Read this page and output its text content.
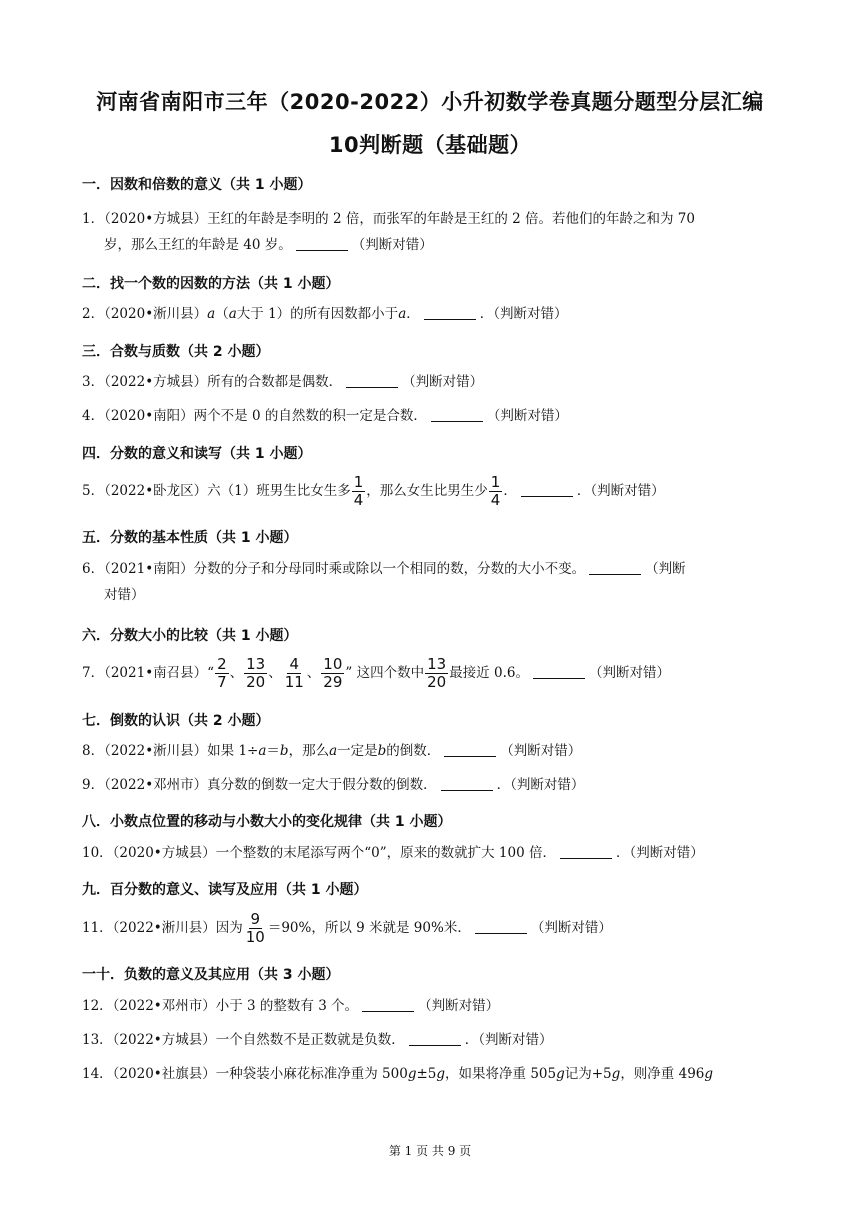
河南省南阳市三年（2020-2022）小升初数学卷真题分题型分层汇编
10判断题（基础题）
一．因数和倍数的意义（共 1 小题）
1．（2020•方城县）王红的年龄是李明的 2 倍，而张军的年龄是王红的 2 倍。若他们的年龄之和为 70
岁，那么王红的年龄是 40 岁。	（判断对错）
二．找一个数的因数的方法（共 1 小题）
2．（2020•淅川县）a（a大于 1）的所有因数都小于a．	．（判断对错）
三．合数与质数（共 2 小题）
3．（2022•方城县）所有的合数都是偶数．	（判断对错）
4．（2020•南阳）两个不是 0 的自然数的积一定是合数．	（判断对错）
四．分数的意义和读写（共 1 小题）
5．（2022•卧龙区）六（1）班男生比女生多 $\frac{1}{4}$ ，那么女生比男生少 $\frac{1}{4}$ ．	．（判断对错）
五．分数的基本性质（共 1 小题）
6．（2021•南阳）分数的分子和分母同时乘或除以一个相同的数，分数的大小不变。	（判断
对错）
六．分数大小的比较（共 1 小题）
7．（2021•南召县）“ $\frac{2}{7}$ 、 $\frac{13}{20}$ 、 $\frac{4}{11}$ 、 $\frac{10}{29}$ ” 这四个数中 $\frac{13}{20}$ 最接近 0.6。	（判断对错）
七．倒数的认识（共 2 小题）
8．（2022•淅川县）如果 1÷a＝b，那么a一定是b的倒数．	（判断对错）
9．（2022•邓州市）真分数的倒数一定大于假分数的倒数．	．（判断对错）
八．小数点位置的移动与小数大小的变化规律（共 1 小题）
10．（2020•方城县）一个整数的末尾添写两个“0”，原来的数就扩大 100 倍．	．（判断对错）
九．百分数的意义、读写及应用（共 1 小题）
11．（2022•淅川县）因为 $\frac{9}{10} =90\%$，所以 9 米就是 90%米．	（判断对错）
一十．负数的意义及其应用（共 3 小题）
12．（2022•邓州市）小于 3 的整数有 3 个。	（判断对错）
13．（2022•方城县）一个自然数不是正数就是负数．	．（判断对错）
14．（2020•社旗县）一种袋装小麻花标准净重为 500g±5g，如果将净重 505g记为+5g，则净重 496g
第 1 页 共 9 页
